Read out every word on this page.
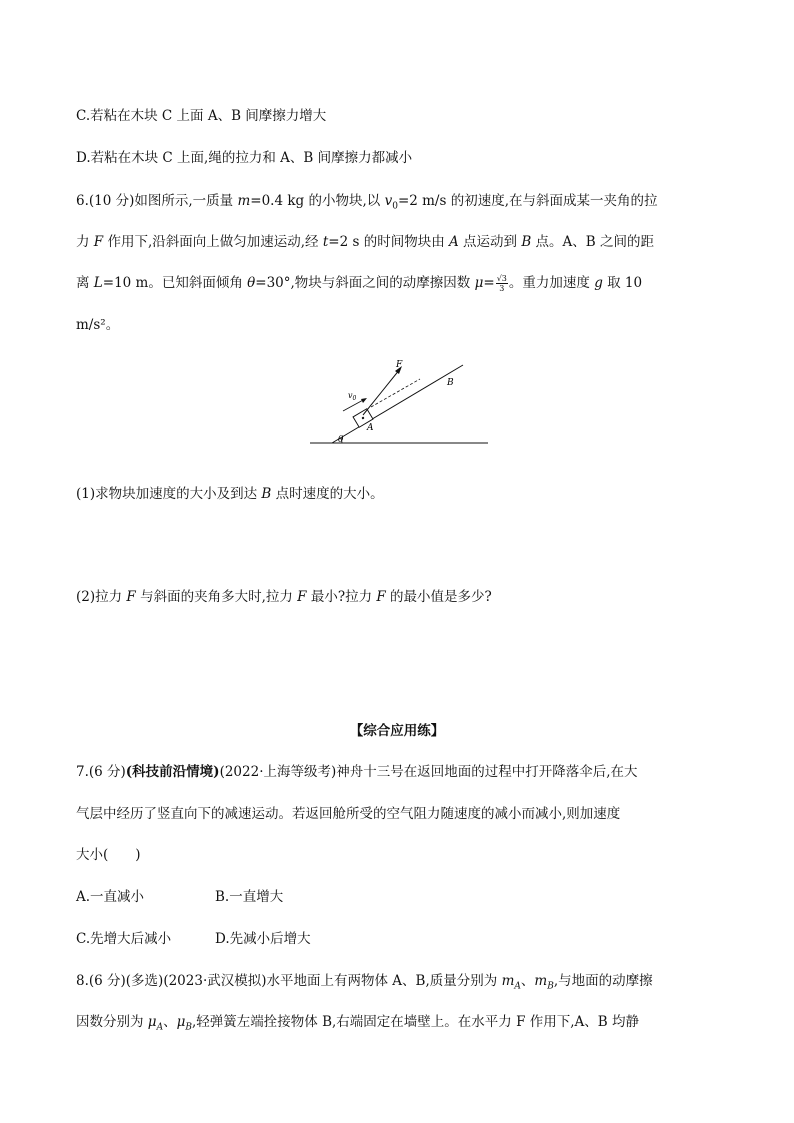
C.若粘在木块 C 上面 A、B 间摩擦力增大
D.若粘在木块 C 上面,绳的拉力和 A、B 间摩擦力都减小
6.(10 分)如图所示,一质量 m=0.4 kg 的小物块,以 $v_0=2$ m/s 的初速度,在与斜面成某一夹角的拉
力 F 作用下,沿斜面向上做匀加速运动,经 t=2 s 的时间物块由 A 点运动到 B 点。A、B 之间的距
离 L=10 m。已知斜面倾角 θ=30°,物块与斜面之间的动摩擦因数 $\mu= \frac{√3}{3}$ 。重力加速度 g 取 10
m/s²。
θ
F
$v_0$
A
B
(1)求物块加速度的大小及到达 B 点时速度的大小。
(2)拉力 F 与斜面的夹角多大时,拉力 F 最小?拉力 F 的最小值是多少?
【综合应用练】
7.(6 分)(科技前沿情境)(2022·上海等级考)神舟十三号在返回地面的过程中打开降落伞后,在大
气层中经历了竖直向下的减速运动。若返回舱所受的空气阻力随速度的减小而减小,则加速度
大小(　　)
A.一直减小	B.一直增大
C.先增大后减小	D.先减小后增大
8.(6 分)(多选)(2023·武汉模拟)水平地面上有两物体 A、B,质量分别为 $m_A$、$m_B$,与地面的动摩擦
因数分别为 $\mu_A$、$\mu_B$,轻弹簧左端拴接物体 B,右端固定在墙壁上。在水平力 F 作用下,A、B 均静
